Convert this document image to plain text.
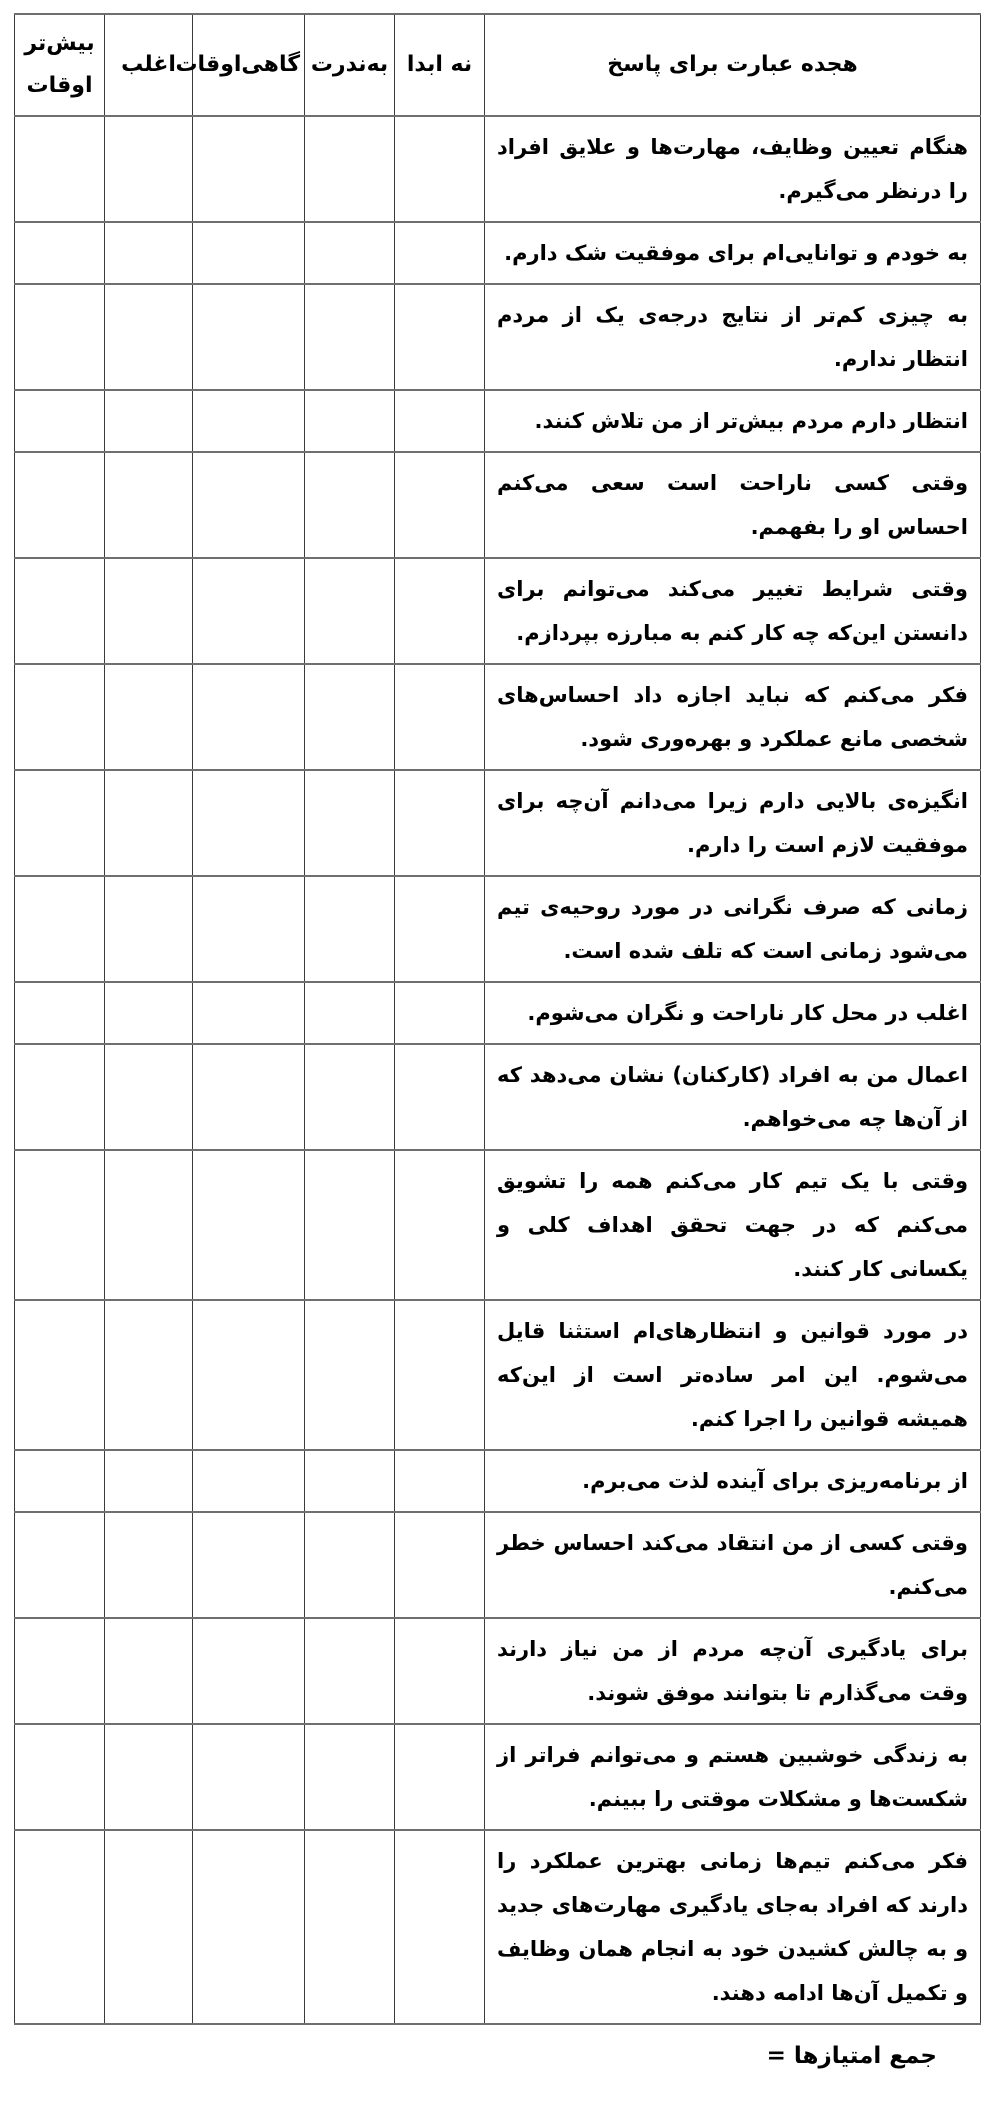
هجده عبارت برای پاسخ	نه ابدا	به‌ندرت	گاهی‌اوقات	اغلب	بیش‌تر اوقات
هنگام تعیین وظایف، مهارت‌ها و علایق افراد را درنظر می‌گیرم.					
به خودم و توانایی‌ام برای موفقیت شک دارم.					
به چیزی کم‌تر از نتایج درجه‌ی یک از مردم انتظار ندارم.					
انتظار دارم مردم بیش‌تر از من تلاش کنند.					
وقتی کسی ناراحت است سعی می‌کنم احساس او را بفهمم.					
وقتی شرایط تغییر می‌کند می‌توانم برای دانستن این‌که چه کار کنم به مبارزه بپردازم.					
فکر می‌کنم که نباید اجازه داد احساس‌های شخصی مانع عملکرد و بهره‌وری شود.					
انگیزه‌ی بالایی دارم زیرا می‌دانم آن‌چه برای موفقیت لازم است را دارم.					
زمانی که صرف نگرانی در مورد روحیه‌ی تیم می‌شود زمانی است که تلف شده است.					
اغلب در محل کار ناراحت و نگران می‌شوم.					
اعمال من به افراد (کارکنان) نشان می‌دهد که از آن‌ها چه می‌خواهم.					
وقتی با یک تیم کار می‌کنم همه را تشویق می‌کنم که در جهت تحقق اهداف کلی و یکسانی کار کنند.					
در مورد قوانین و انتظارهای‌ام استثنا قایل می‌شوم. این امر ساده‌تر است از این‌که همیشه قوانین را اجرا کنم.					
از برنامه‌ریزی برای آینده لذت می‌برم.					
وقتی کسی از من انتقاد می‌کند احساس خطر می‌کنم.					
برای یادگیری آن‌چه مردم از من نیاز دارند وقت می‌گذارم تا بتوانند موفق شوند.					
به زندگی خوشبین هستم و می‌توانم فراتر از شکست‌ها و مشکلات موقتی را ببینم.					
فکر می‌کنم تیم‌ها زمانی بهترین عملکرد را دارند که افراد به‌جای یادگیری مهارت‌های جدید و به چالش کشیدن خود به انجام همان وظایف و تکمیل آن‌ها ادامه دهند.					
جمع امتیازها =
